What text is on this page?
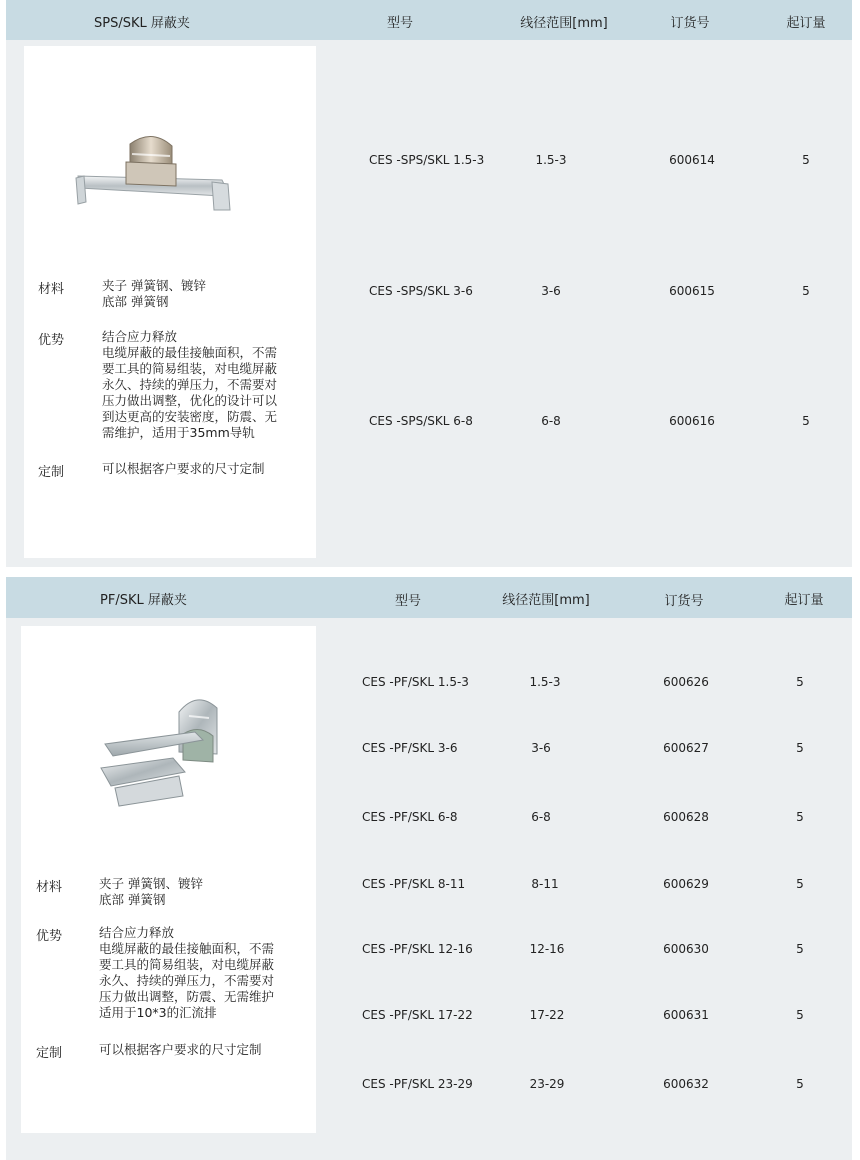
SPS/SKL 屏蔽夹	型号	线径范围[mm]	订货号	起订量
材料	夹子 弹簧钢、镀锌
底部 弹簧钢
优势	结合应力释放
电缆屏蔽的最佳接触面积，不需
要工具的简易组装，对电缆屏蔽
永久、持续的弹压力，不需要对
压力做出调整，优化的设计可以
到达更高的安装密度，防震、无
需维护，适用于35mm导轨
定制	可以根据客户要求的尺寸定制
CES -SPS/SKL 1.5-3	1.5-3	600614	5
CES -SPS/SKL 3-6	3-6	600615	5
CES -SPS/SKL 6-8	6-8	600616	5
PF/SKL 屏蔽夹	型号	线径范围[mm]	订货号	起订量
材料	夹子 弹簧钢、镀锌
底部 弹簧钢
优势	结合应力释放
电缆屏蔽的最佳接触面积，不需
要工具的简易组装，对电缆屏蔽
永久、持续的弹压力，不需要对
压力做出调整，防震、无需维护
适用于10*3的汇流排
定制	可以根据客户要求的尺寸定制
CES -PF/SKL 1.5-3	1.5-3	600626	5
CES -PF/SKL 3-6	3-6	600627	5
CES -PF/SKL 6-8	6-8	600628	5
CES -PF/SKL 8-11	8-11	600629	5
CES -PF/SKL 12-16	12-16	600630	5
CES -PF/SKL 17-22	17-22	600631	5
CES -PF/SKL 23-29	23-29	600632	5
